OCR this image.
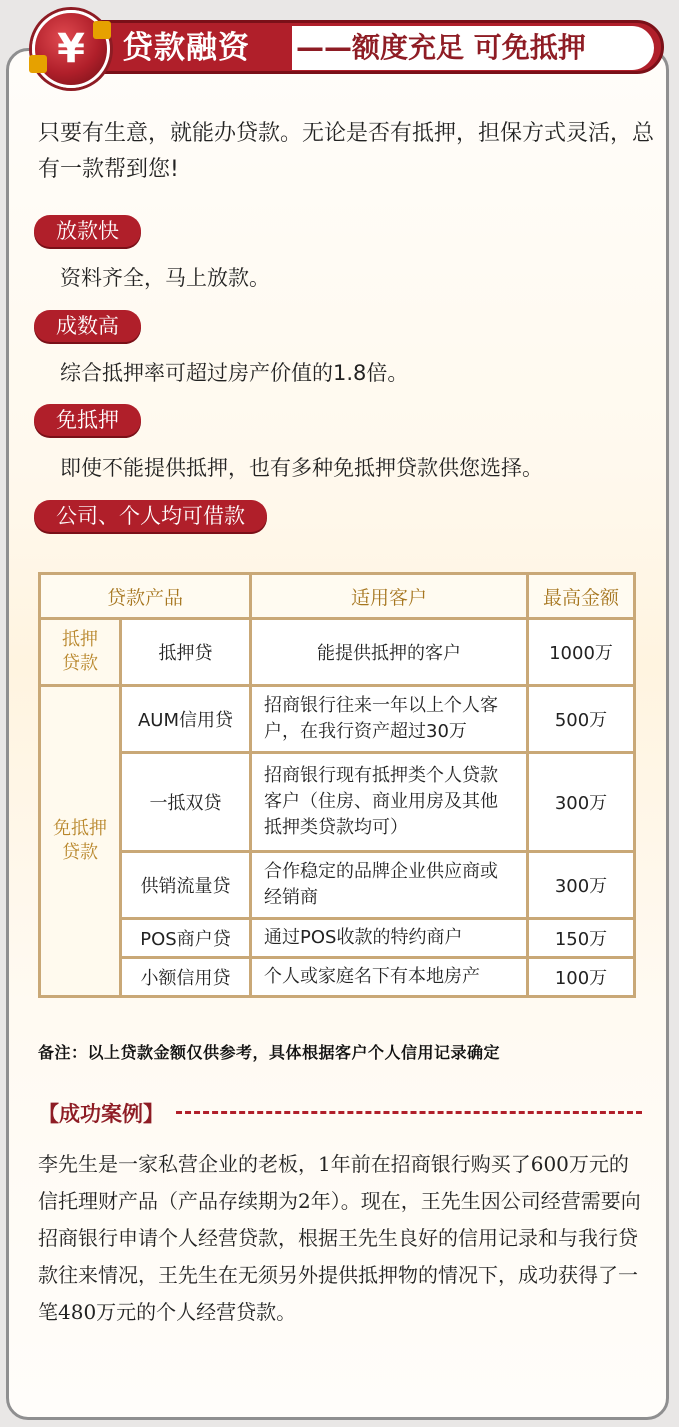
贷款融资 ——额度充足 可免抵押
¥
只要有生意，就能办贷款。无论是否有抵押，担保方式灵活，总有一款帮到您!
放款快
资料齐全，马上放款。
成数高
综合抵押率可超过房产价值的1.8倍。
免抵押
即使不能提供抵押，也有多种免抵押贷款供您选择。
公司、个人均可借款
贷款产品		适用客户	最高金额

抵押贷款	抵押贷	能提供抵押的客户	1000万

免抵押贷款	AUM信用贷	招商银行往来一年以上个人客户，在我行资产超过30万	500万
	一抵双贷	招商银行现有抵押类个人贷款客户（住房、商业用房及其他抵押类贷款均可）	300万
	供销流量贷	合作稳定的品牌企业供应商或经销商	300万
	POS商户贷	通过POS收款的特约商户	150万
	小额信用贷	个人或家庭名下有本地房产	100万
备注：以上贷款金额仅供参考，具体根据客户个人信用记录确定
【成功案例】
李先生是一家私营企业的老板，1年前在招商银行购买了600万元的信托理财产品（产品存续期为2年）。现在，王先生因公司经营需要向招商银行申请个人经营贷款，根据王先生良好的信用记录和与我行贷款往来情况，王先生在无须另外提供抵押物的情况下，成功获得了一笔480万元的个人经营贷款。
